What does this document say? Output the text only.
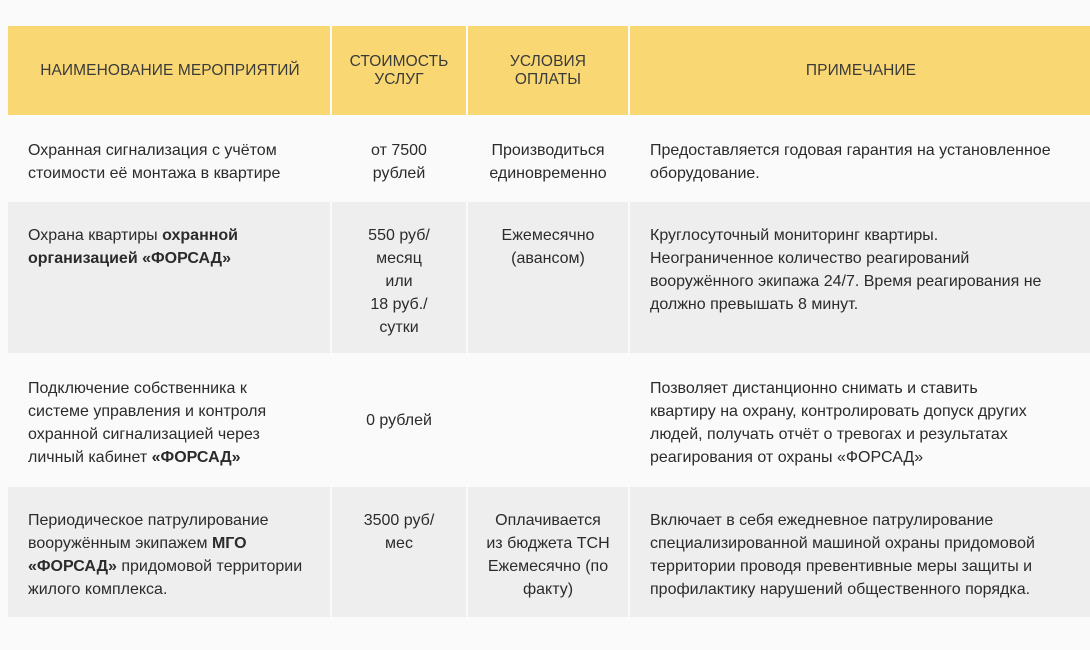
НАИМЕНОВАНИЕ МЕРОПРИЯТИЙ
СТОИМОСТЬ
УСЛУГ
УСЛОВИЯ
ОПЛАТЫ
ПРИМЕЧАНИЕ
Охранная сигнализация с учётом
стоимости её монтажа в квартире
от 7500
рублей
Производиться
единовременно
Предоставляется годовая гарантия на установленное
оборудование.
Охрана квартиры охранной
организацией «ФОРСАД»
550 руб/
месяц
или
18 руб./
сутки
Ежемесячно
(авансом)
Круглосуточный мониторинг квартиры.
Неограниченное количество реагирований
вооружённого экипажа 24/7. Время реагирования не
должно превышать 8 минут.
Подключение собственника к
системе управления и контроля
охранной сигнализацией через
личный кабинет «ФОРСАД»
0 рублей
Позволяет дистанционно снимать и ставить
квартиру на охрану, контролировать допуск других
людей, получать отчёт о тревогах и результатах
реагирования от охраны «ФОРСАД»
Периодическое патрулирование
вооружённым экипажем МГО
«ФОРСАД» придомовой территории
жилого комплекса.
3500 руб/
мес
Оплачивается
из бюджета ТСН
Ежемесячно (по
факту)
Включает в себя ежедневное патрулирование
специализированной машиной охраны придомовой
территории проводя превентивные меры защиты и
профилактику нарушений общественного порядка.
